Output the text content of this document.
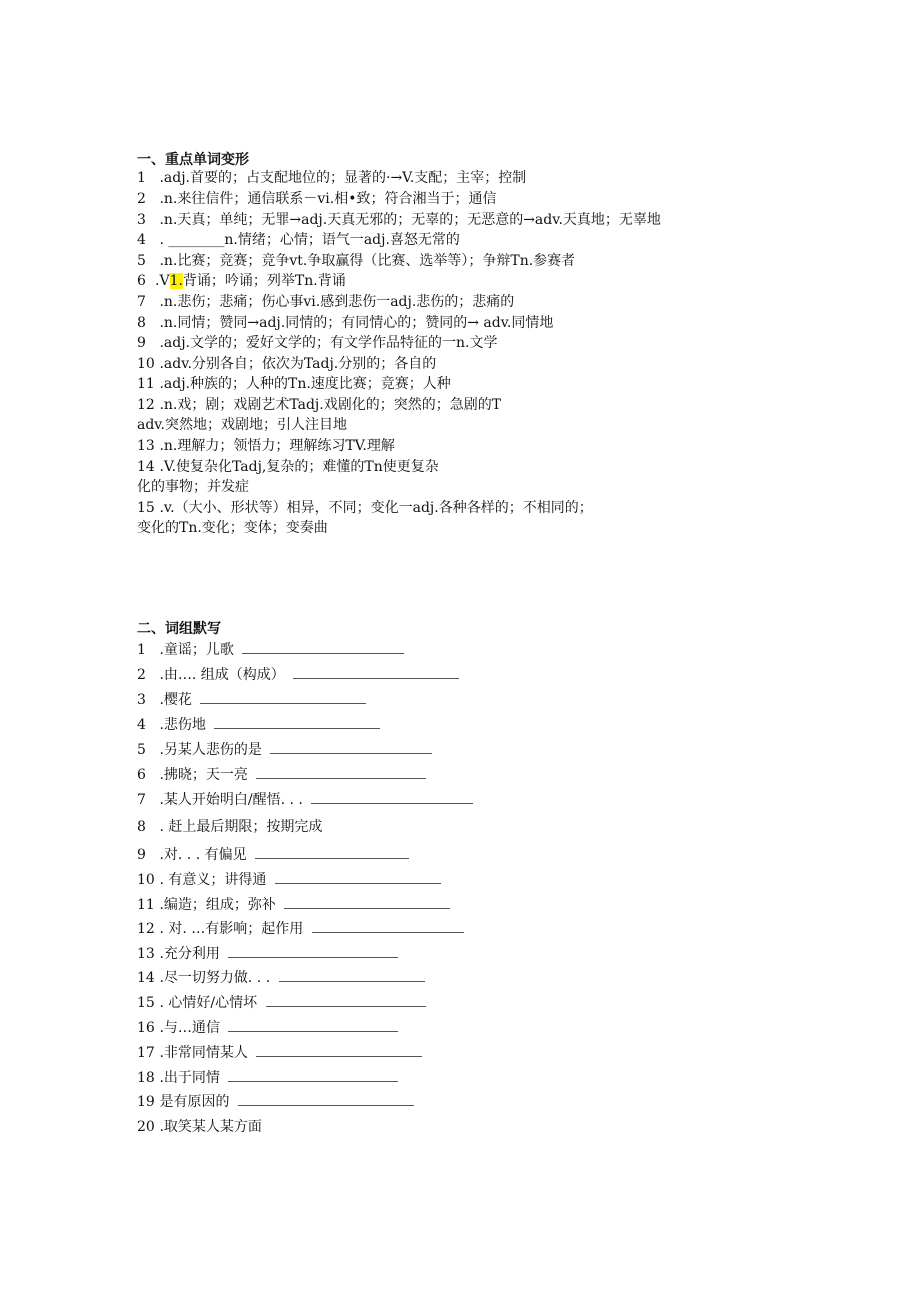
一、重点单词变形
1 .adj.首要的；占支配地位的；显著的·→V.支配；主宰；控制
2 .n.来往信件；通信联系－vi.相•致；符合湘当于；通信
3 .n.天真；单纯；无罪→adj.天真无邪的；无辜的；无恶意的→adv.天真地；无辜地
4 . ________n.情绪；心情；语气一adj.喜怒无常的
5 .n.比赛；竞赛；竞争vt.争取赢得（比赛、选举等）；争辩Tn.参赛者
6 .V1.背诵；吟诵；列举Tn.背诵
7 .n.悲伤；悲痛；伤心事vi.感到悲伤一adj.悲伤的；悲痛的
8 .n.同情；赞同→adj.同情的；有同情心的；赞同的→ adv.同情地
9 .adj.文学的；爱好文学的；有文学作品特征的一n.文学
10 .adv.分别各自；依次为Tadj.分别的；各自的
11 .adj.种族的；人种的Tn.速度比赛；竞赛；人种
12 .n.戏；剧；戏剧艺术Tadj.戏剧化的；突然的；急剧的T
adv.突然地；戏剧地；引人注目地
13 .n.理解力；领悟力；理解练习TV.理解
14 .V.使复杂化Tadj,复杂的；难懂的Tn使更复杂
化的事物；并发症
15 .v.（大小、形状等）相异，不同；变化一adj.各种各样的；不相同的；
变化的Tn.变化；变体；变奏曲
二、词组默写
1 .童谣；儿歌
2 .由…. 组成（构成）
3 .樱花
4 .悲伤地
5 .另某人悲伤的是
6 .拂晓；天一亮
7 .某人开始明白/醒悟. . .
8 . 赶上最后期限；按期完成
9 .对. . . 有偏见
10 . 有意义；讲得通
11 .编造；组成；弥补
12 . 对. …有影响；起作用
13 .充分利用
14 .尽一切努力做. . .
15 . 心情好/心情坏
16 .与…通信
17 .非常同情某人
18 .出于同情
19 是有原因的
20 .取笑某人某方面
